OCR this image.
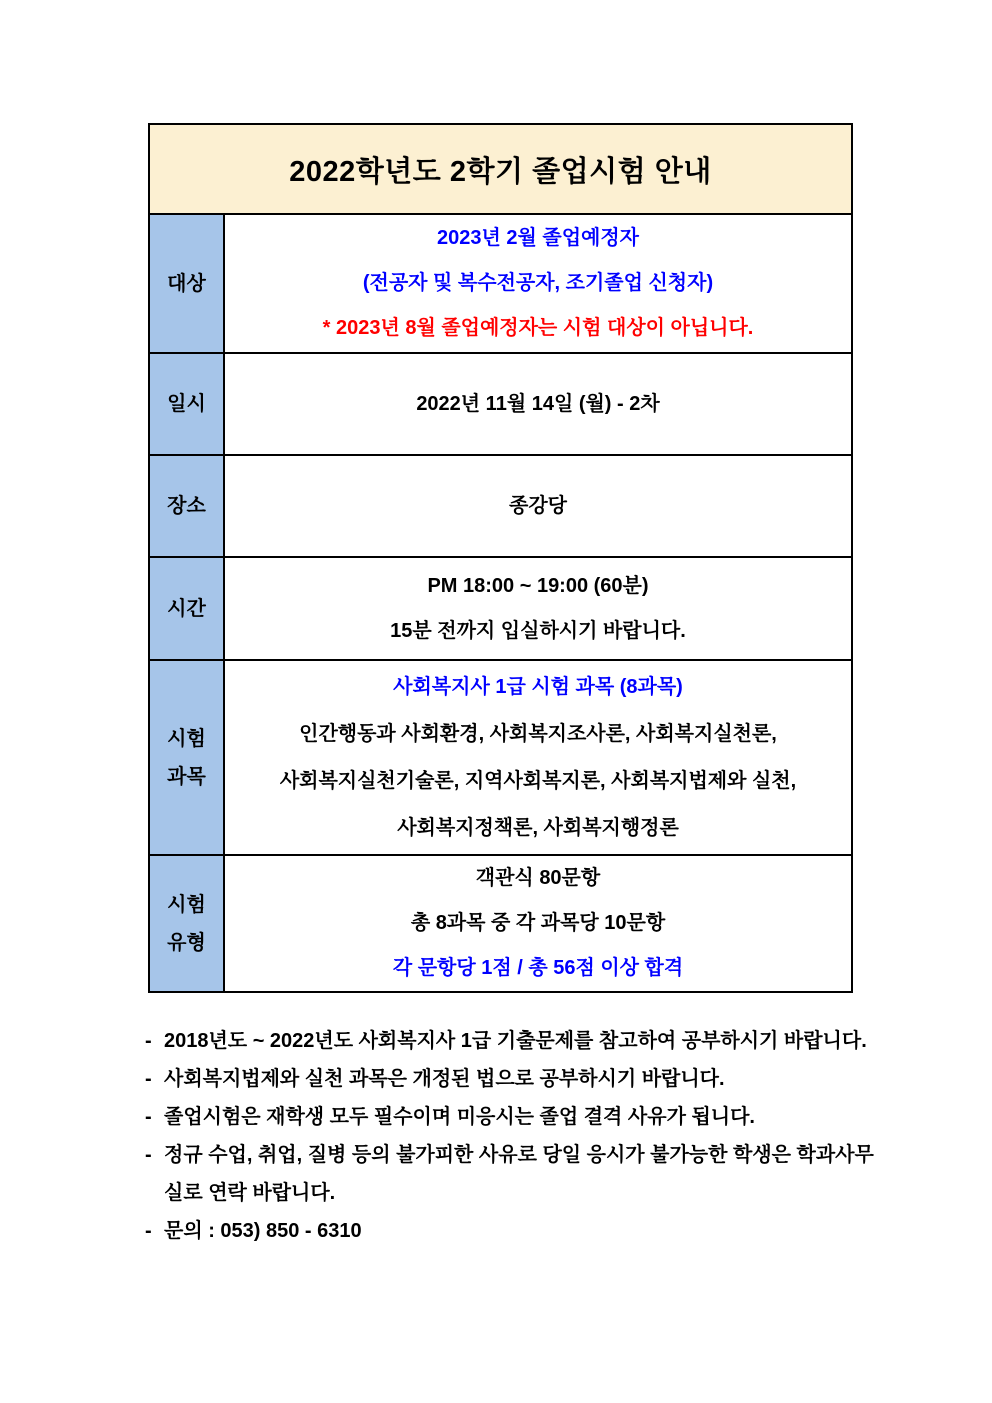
2022학년도 2학기 졸업시험 안내	
대상	2023년 2월 졸업예정자
(전공자 및 복수전공자, 조기졸업 신청자)
* 2023년 8월 졸업예정자는 시험 대상이 아닙니다.

일시	2022년 11월 14일 (월) - 2차

장소	종강당

시간	PM 18:00 ~ 19:00 (60분)
15분 전까지 입실하시기 바랍니다.

시험 과목	사회복지사 1급 시험 과목 (8과목)
인간행동과 사회환경, 사회복지조사론, 사회복지실천론,
사회복지실천기술론, 지역사회복지론, 사회복지법제와 실천,
사회복지정책론, 사회복지행정론

시험 유형	객관식 80문항
총 8과목 중 각 과목당 10문항
각 문항당 1점 / 총 56점 이상 합격
- 2018년도 ~ 2022년도 사회복지사 1급 기출문제를 참고하여 공부하시기 바랍니다.
- 사회복지법제와 실천 과목은 개정된 법으로 공부하시기 바랍니다.
- 졸업시험은 재학생 모두 필수이며 미응시는 졸업 결격 사유가 됩니다.
- 정규 수업, 취업, 질병 등의 불가피한 사유로 당일 응시가 불가능한 학생은 학과사무실로 연락 바랍니다.
- 문의 : 053) 850 - 6310
